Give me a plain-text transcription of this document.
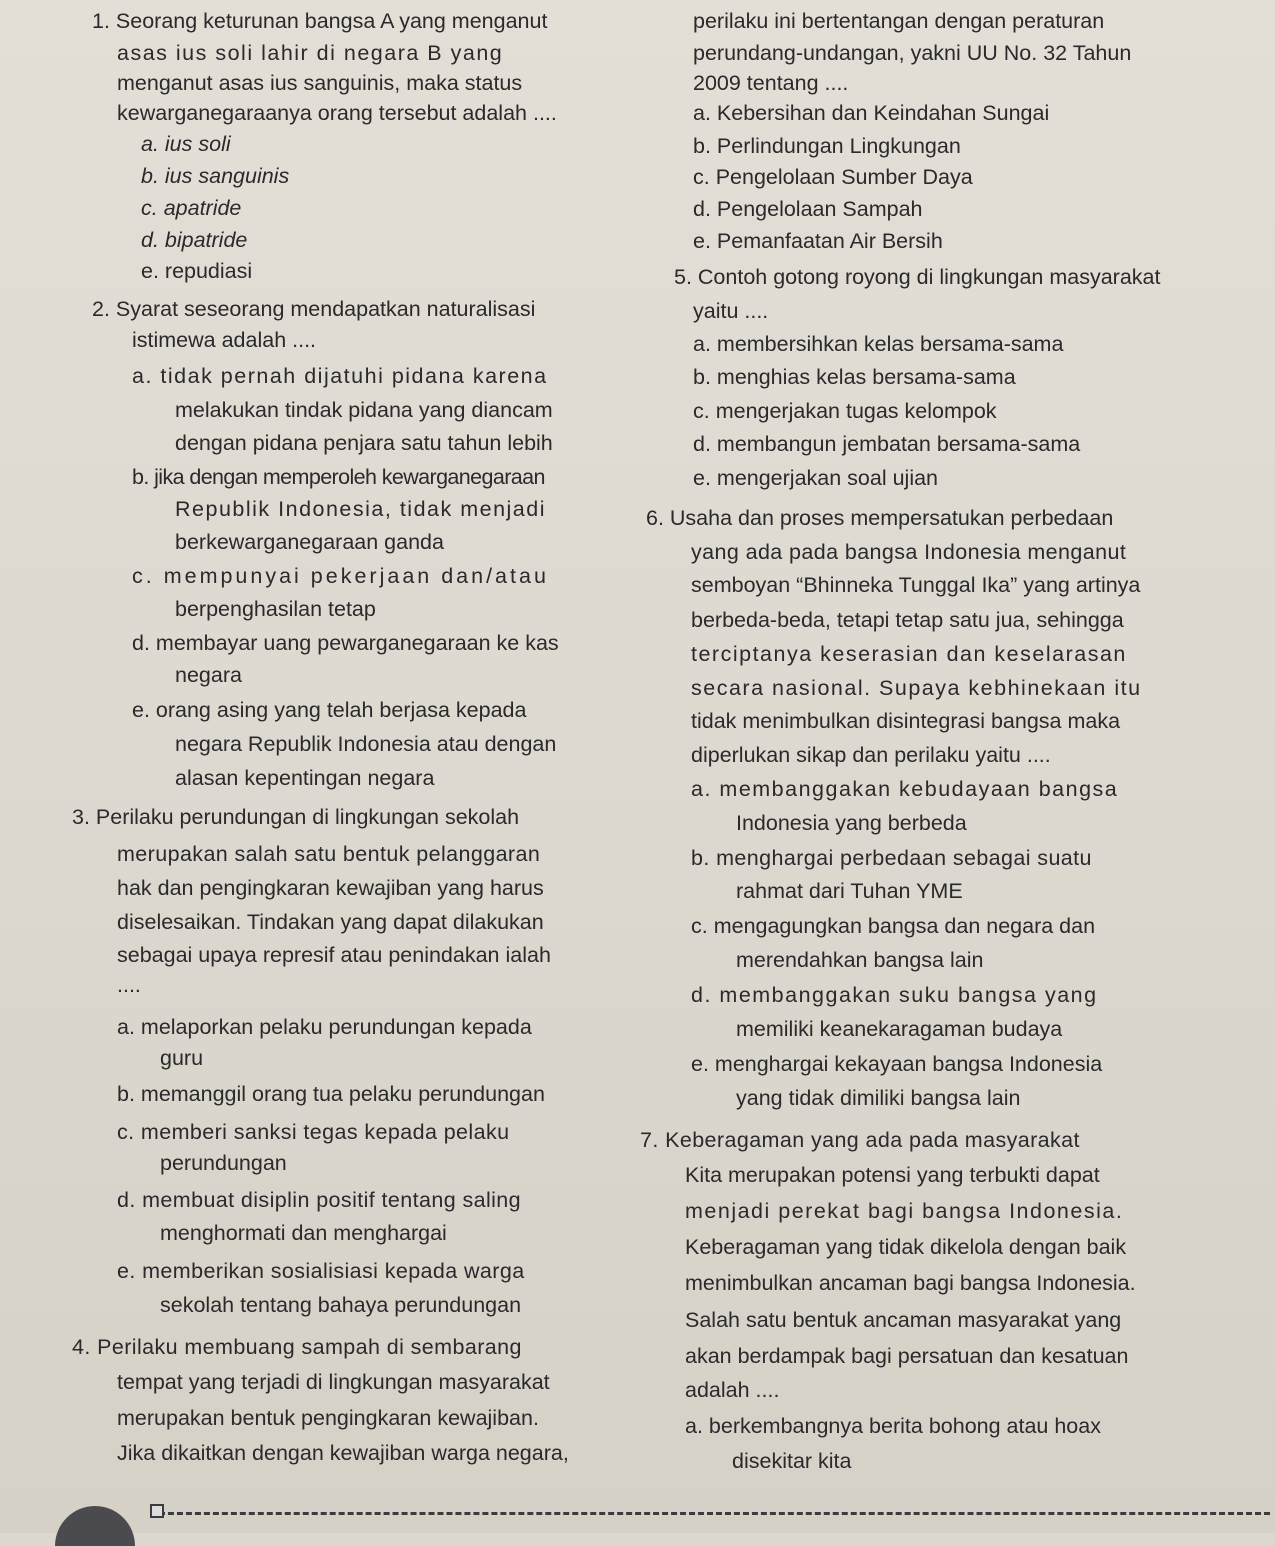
1. Seorang keturunan bangsa A yang menganut
asas ius soli lahir di negara B yang
menganut asas ius sanguinis, maka status
kewarganegaraanya orang tersebut adalah ....
a. ius soli
b. ius sanguinis
c. apatride
d. bipatride
e. repudiasi
2. Syarat seseorang mendapatkan naturalisasi
istimewa adalah ....
a. tidak pernah dijatuhi pidana karena
melakukan tindak pidana yang diancam
dengan pidana penjara satu tahun lebih
b. jika dengan memperoleh kewarganegaraan
Republik Indonesia, tidak menjadi
berkewarganegaraan ganda
c. mempunyai pekerjaan dan/atau
berpenghasilan tetap
d. membayar uang pewarganegaraan ke kas
negara
e. orang asing yang telah berjasa kepada
negara Republik Indonesia atau dengan
alasan kepentingan negara
3. Perilaku perundungan di lingkungan sekolah
merupakan salah satu bentuk pelanggaran
hak dan pengingkaran kewajiban yang harus
diselesaikan. Tindakan yang dapat dilakukan
sebagai upaya represif atau penindakan ialah
....
a. melaporkan pelaku perundungan kepada
guru
b. memanggil orang tua pelaku perundungan
c. memberi sanksi tegas kepada pelaku
perundungan
d. membuat disiplin positif tentang saling
menghormati dan menghargai
e. memberikan sosialisiasi kepada warga
sekolah tentang bahaya perundungan
4. Perilaku membuang sampah di sembarang
tempat yang terjadi di lingkungan masyarakat
merupakan bentuk pengingkaran kewajiban.
Jika dikaitkan dengan kewajiban warga negara,
perilaku ini bertentangan dengan peraturan
perundang-undangan, yakni UU No. 32 Tahun
2009 tentang ....
a. Kebersihan dan Keindahan Sungai
b. Perlindungan Lingkungan
c. Pengelolaan Sumber Daya
d. Pengelolaan Sampah
e. Pemanfaatan Air Bersih
5. Contoh gotong royong di lingkungan masyarakat
yaitu ....
a. membersihkan kelas bersama-sama
b. menghias kelas bersama-sama
c. mengerjakan tugas kelompok
d. membangun jembatan bersama-sama
e. mengerjakan soal ujian
6. Usaha dan proses mempersatukan perbedaan
yang ada pada bangsa Indonesia menganut
semboyan “Bhinneka Tunggal Ika” yang artinya
berbeda-beda, tetapi tetap satu jua, sehingga
terciptanya keserasian dan keselarasan
secara nasional. Supaya kebhinekaan itu
tidak menimbulkan disintegrasi bangsa maka
diperlukan sikap dan perilaku yaitu ....
a. membanggakan kebudayaan bangsa
Indonesia yang berbeda
b. menghargai perbedaan sebagai suatu
rahmat dari Tuhan YME
c. mengagungkan bangsa dan negara dan
merendahkan bangsa lain
d. membanggakan suku bangsa yang
memiliki keanekaragaman budaya
e. menghargai kekayaan bangsa Indonesia
yang tidak dimiliki bangsa lain
7. Keberagaman yang ada pada masyarakat
Kita merupakan potensi yang terbukti dapat
menjadi perekat bagi bangsa Indonesia.
Keberagaman yang tidak dikelola dengan baik
menimbulkan ancaman bagi bangsa Indonesia.
Salah satu bentuk ancaman masyarakat yang
akan berdampak bagi persatuan dan kesatuan
adalah ....
a. berkembangnya berita bohong atau hoax
disekitar kita
